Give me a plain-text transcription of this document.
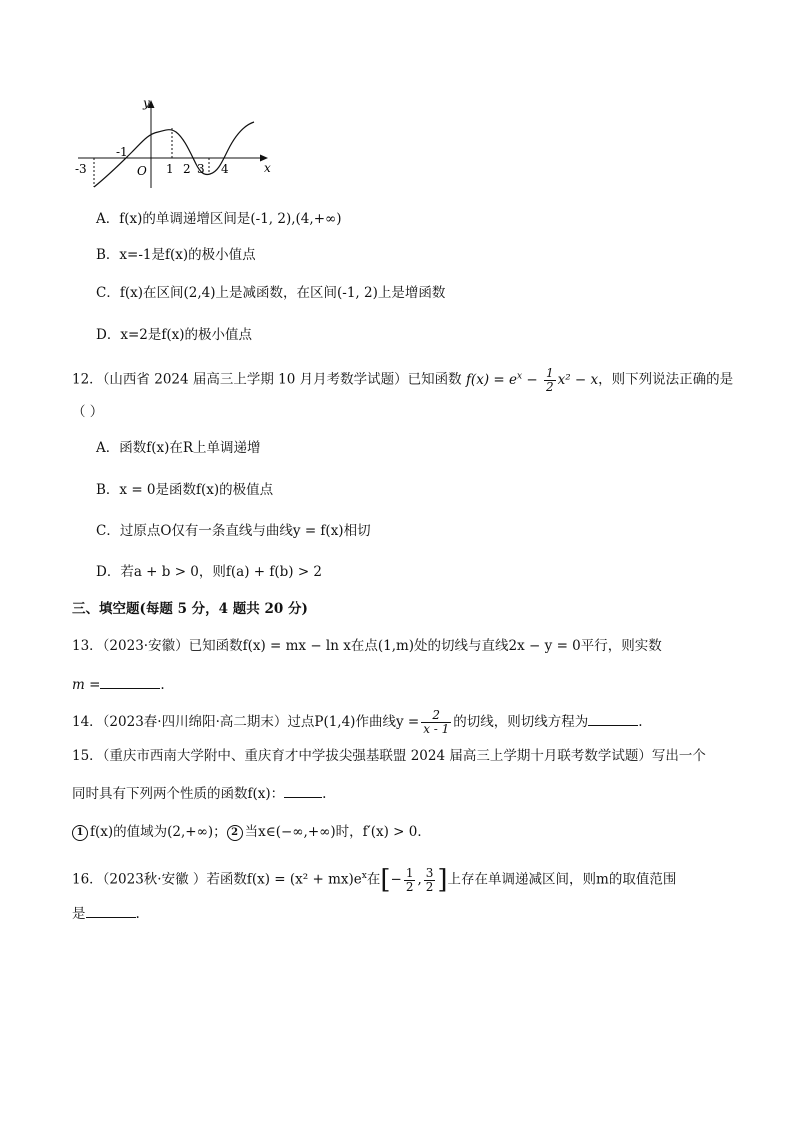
y
x
O
-3
-1
1 2 3 4
A．f(x)的单调递增区间是(-1, 2),(4,+∞)
B．x=-1是f(x)的极小值点
C．f(x)在区间(2,4)上是减函数，在区间(-1, 2)上是增函数
D．x=2是f(x)的极小值点
12．（山西省 2024 届高三上学期 10 月月考数学试题）已知函数 $f(x) = e^x - \frac{1}{2} x^2 - x$，则下列说法正确的是
（ ）
A．函数f(x)在R上单调递增
B．x = 0是函数f(x)的极值点
C．过原点O仅有一条直线与曲线y = f(x)相切
D．若a + b > 0，则f(a) + f(b) > 2
三、填空题(每题 5 分，4 题共 20 分)
13．（2023·安徽）已知函数f(x) = mx − ln x在点(1,m)处的切线与直线2x − y = 0平行，则实数
m =	.
14．（2023春·四川绵阳·高二期末）过点P(1,4)作曲线$y = \frac{2}{x - 1}$ 的切线，则切线方程为	.
15．（重庆市西南大学附中、重庆育才中学拔尖强基联盟 2024 届高三上学期十月联考数学试题）写出一个
同时具有下列两个性质的函数f(x)：	.
1 f(x)的值域为(2,+∞)； 2 当x∈(−∞,+∞)时，f′(x) > 0．
16．（2023秋·安徽 ）若函数$f(x) = (x^2 + mx)e^x$在[− $\frac{1}{2}$ , $\frac{3}{2}$ ]上存在单调递减区间，则m的取值范围
是	.
